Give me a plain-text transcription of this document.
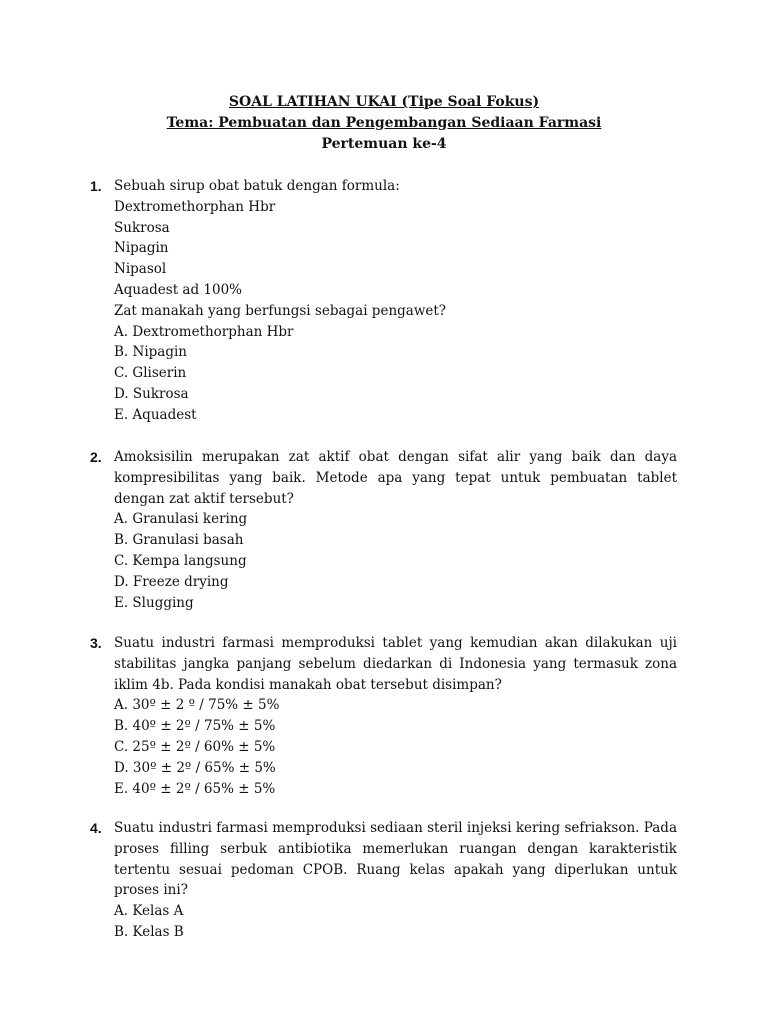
SOAL LATIHAN UKAI (Tipe Soal Fokus)
Tema: Pembuatan dan Pengembangan Sediaan Farmasi
Pertemuan ke-4
1. Sebuah sirup obat batuk dengan formula:
Dextromethorphan Hbr
Sukrosa
Nipagin
Nipasol
Aquadest ad 100%
Zat manakah yang berfungsi sebagai pengawet?
A. Dextromethorphan Hbr
B. Nipagin
C. Gliserin
D. Sukrosa
E. Aquadest
2. Amoksisilin merupakan zat aktif obat dengan sifat alir yang baik dan daya kompresibilitas yang baik. Metode apa yang tepat untuk pembuatan tablet dengan zat aktif tersebut?
A. Granulasi kering
B. Granulasi basah
C. Kempa langsung
D. Freeze drying
E. Slugging
3. Suatu industri farmasi memproduksi tablet yang kemudian akan dilakukan uji stabilitas jangka panjang sebelum diedarkan di Indonesia yang termasuk zona iklim 4b. Pada kondisi manakah obat tersebut disimpan?
A. 30º ± 2 º / 75% ± 5%
B. 40º ± 2º / 75% ± 5%
C. 25º ± 2º / 60% ± 5%
D. 30º ± 2º / 65% ± 5%
E. 40º ± 2º / 65% ± 5%
4. Suatu industri farmasi memproduksi sediaan steril injeksi kering sefriakson. Pada proses filling serbuk antibiotika memerlukan ruangan dengan karakteristik tertentu sesuai pedoman CPOB. Ruang kelas apakah yang diperlukan untuk proses ini?
A. Kelas A
B. Kelas B
